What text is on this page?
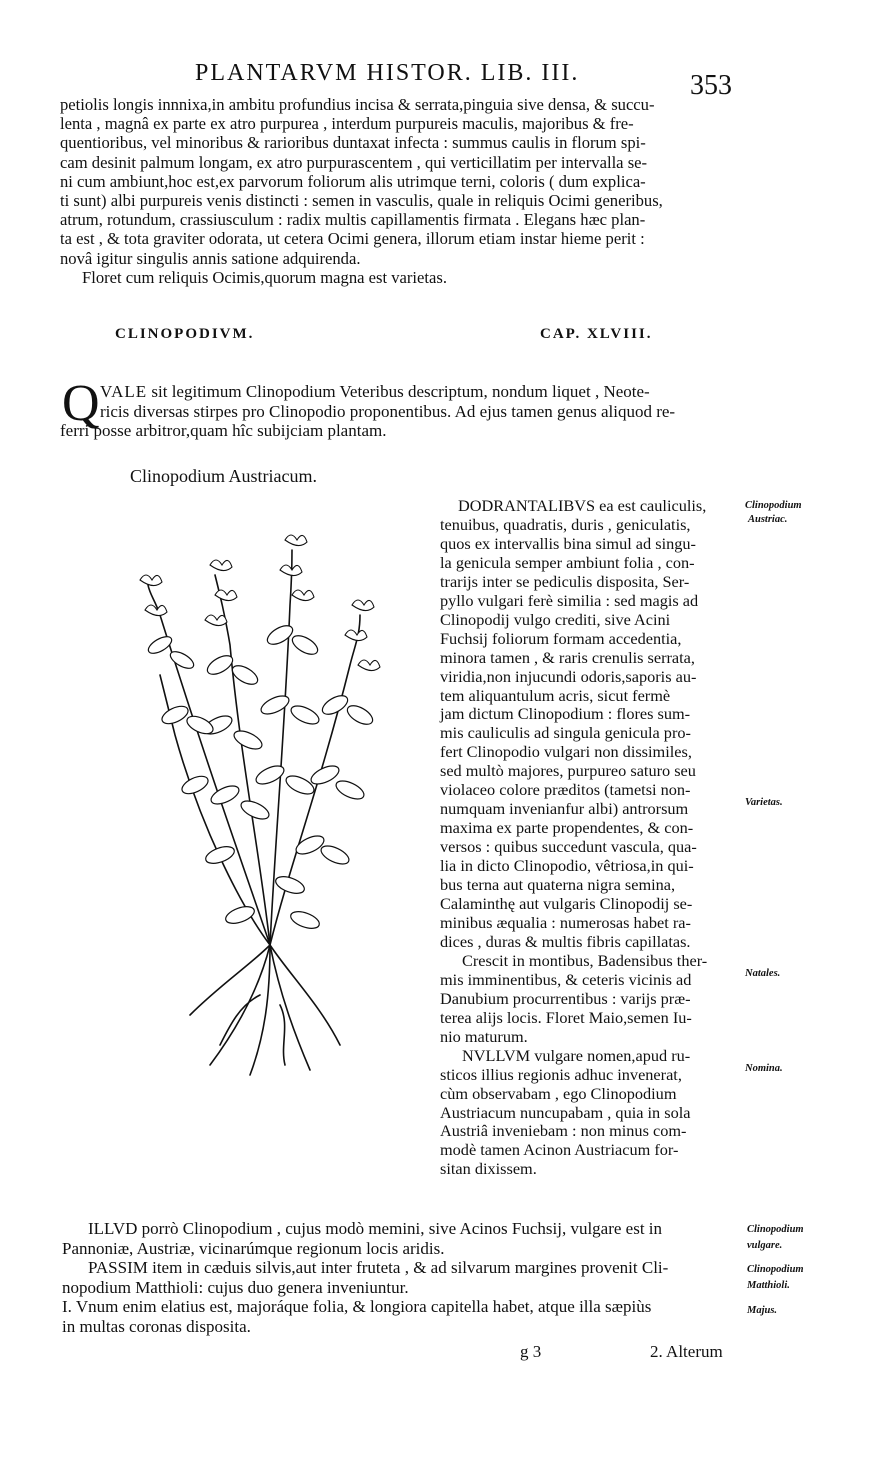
PLANTARVM HISTOR. LIB. III.	353
petiolis longis innnixa,in ambitu profundius incisa & serrata,pinguia sive densa, & succu-
lenta , magnâ ex parte ex atro purpurea , interdum purpureis maculis, majoribus & fre-
quentioribus, vel minoribus & rarioribus duntaxat infecta : summus caulis in florum spi-
cam desinit palmum longam, ex atro purpurascentem , qui verticillatim per intervalla se-
ni cum ambiunt,hoc est,ex parvorum foliorum alis utrimque terni, coloris ( dum explica-
ti sunt) albi purpureis venis distincti : semen in vasculis, quale in reliquis Ocimi generibus,
atrum, rotundum, crassiusculum : radix multis capillamentis firmata . Elegans hæc plan-
ta est , & tota graviter odorata, ut cetera Ocimi genera, illorum etiam instar hieme perit :
novâ igitur singulis annis satione adquirenda.
Floret cum reliquis Ocimis,quorum magna est varietas.
CLINOPODIVM.	CAP. XLVIII.
Q VALE sit legitimum Clinopodium Veteribus descriptum, nondum liquet , Neote-
ricis diversas stirpes pro Clinopodio proponentibus. Ad ejus tamen genus aliquod re-
ferri posse arbitror,quam hîc subijciam plantam.
Clinopodium Austriacum.
DODRANTALIBVS ea est cauliculis,
tenuibus, quadratis, duris , geniculatis,
quos ex intervallis bina simul ad singu-
la genicula semper ambiunt folia , con-
trarijs inter se pediculis disposita, Ser-
pyllo vulgari ferè similia : sed magis ad
Clinopodij vulgo crediti, sive Acini
Fuchsij foliorum formam accedentia,
minora tamen , & raris crenulis serrata,
viridia,non injucundi odoris,saporis au-
tem aliquantulum acris, sicut fermè
jam dictum Clinopodium : flores sum-
mis cauliculis ad singula genicula pro-
fert Clinopodio vulgari non dissimiles,
sed multò majores, purpureo saturo seu
violaceo colore præditos (tametsi non-
numquam invenianfur albi) antrorsum
maxima ex parte propendentes, & con-
versos : quibus succedunt vascula, qua-
lia in dicto Clinopodio, vêtriosa,in qui-
bus terna aut quaterna nigra semina,
Calaminthę aut vulgaris Clinopodij se-
minibus æqualia : numerosas habet ra-
dices , duras & multis fibris capillatas.
Crescit in montibus, Badensibus ther-
mis imminentibus, & ceteris vicinis ad
Danubium procurrentibus : varijs præ-
terea alijs locis. Floret Maio,semen Iu-
nio maturum.
NVLLVM vulgare nomen,apud ru-
sticos illius regionis adhuc invenerat,
cùm observabam , ego Clinopodium
Austriacum nuncupabam , quia in sola
Austriâ inveniebam : non minus com-
modè tamen Acinon Austriacum for-
sitan dixissem.
Clinopodium
Austriac.
Varietas.
Natales.
Nomina.
Clinopodium
vulgare.
Clinopodium
Matthioli.
Majus.
ILLVD porrò Clinopodium , cujus modò memini, sive Acinos Fuchsij, vulgare est in
Pannoniæ, Austriæ, vicinarúmque regionum locis aridis.
PASSIM item in cæduis silvis,aut inter fruteta , & ad silvarum margines provenit Cli-
nopodium Matthioli: cujus duo genera inveniuntur.
I. Vnum enim elatius est, majoráque folia, & longiora capitella habet, atque illa sæpiùs
in multas coronas disposita.
g 3	2. Alterum
